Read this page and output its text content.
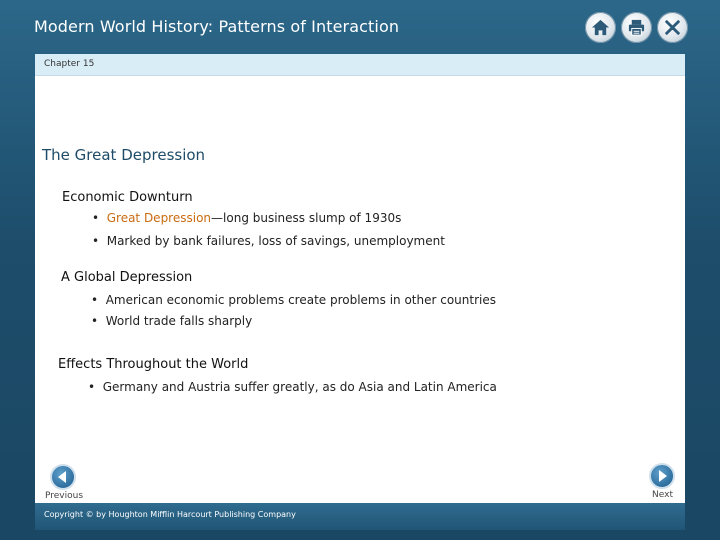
Modern World History: Patterns of Interaction
Chapter 15
The Great Depression
Economic Downturn
• Great Depression—long business slump of 1930s
• Marked by bank failures, loss of savings, unemployment
A Global Depression
• American economic problems create problems in other countries
• World trade falls sharply
Effects Throughout the World
• Germany and Austria suffer greatly, as do Asia and Latin America
Previous	Next
Copyright © by Houghton Mifflin Harcourt Publishing Company
